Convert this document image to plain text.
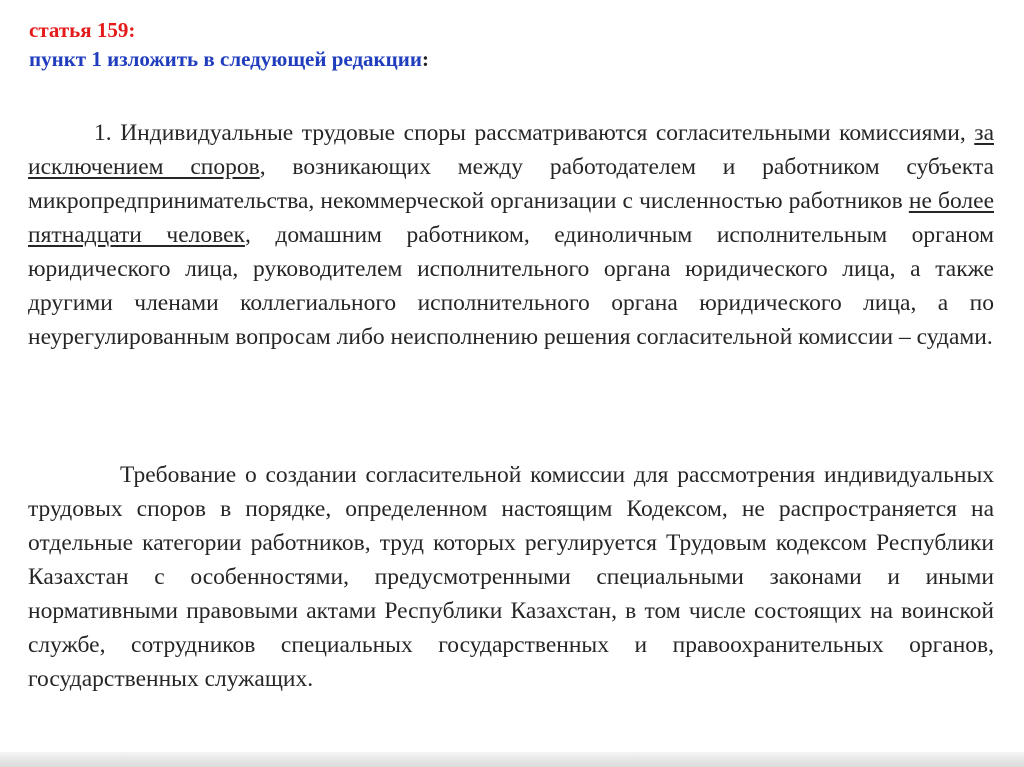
статья 159:
пункт 1 изложить в следующей редакции:

1. Индивидуальные трудовые споры рассматриваются согласительными комиссиями, за исключением споров, возникающих между работодателем и работником субъекта микропредпринимательства, некоммерческой организации с численностью работников не более пятнадцати человек, домашним работником, единоличным исполнительным органом юридического лица, руководителем исполнительного органа юридического лица, а также другими членами коллегиального исполнительного органа юридического лица, а по неурегулированным вопросам либо неисполнению решения согласительной комиссии – судами.

Требование о создании согласительной комиссии для рассмотрения индивидуальных трудовых споров в порядке, определенном настоящим Кодексом, не распространяется на отдельные категории работников, труд которых регулируется Трудовым кодексом Республики Казахстан с особенностями, предусмотренными специальными законами и иными нормативными правовыми актами Республики Казахстан, в том числе состоящих на воинской службе, сотрудников специальных государственных и правоохранительных органов, государственных служащих.
